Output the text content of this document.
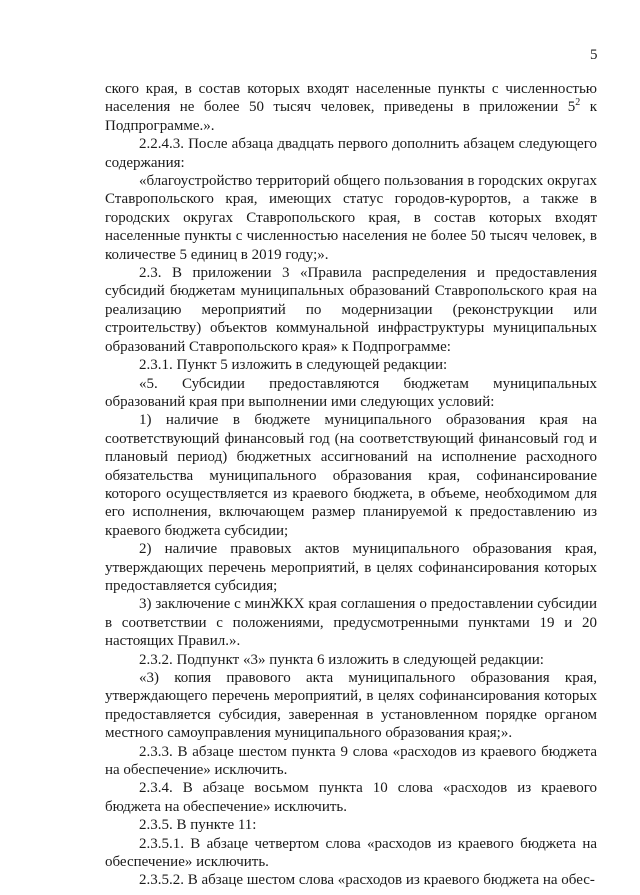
5

ского края, в состав которых входят населенные пункты с численностью населения не более 50 тысяч человек, приведены в приложении $5^2$ к Подпрограмме.».

2.2.4.3. После абзаца двадцать первого дополнить абзацем следующего содержания:

«благоустройство территорий общего пользования в городских округах Ставропольского края, имеющих статус городов-курортов, а также в городских округах Ставропольского края, в состав которых входят населенные пункты с численностью населения не более 50 тысяч человек, в количестве 5 единиц в 2019 году;».

2.3. В приложении 3 «Правила распределения и предоставления субсидий бюджетам муниципальных образований Ставропольского края на реализацию мероприятий по модернизации (реконструкции или строительству) объектов коммунальной инфраструктуры муниципальных образований Ставропольского края» к Подпрограмме:

2.3.1. Пункт 5 изложить в следующей редакции:

«5. Субсидии предоставляются бюджетам муниципальных образований края при выполнении ими следующих условий:

1) наличие в бюджете муниципального образования края на соответствующий финансовый год (на соответствующий финансовый год и плановый период) бюджетных ассигнований на исполнение расходного обязательства муниципального образования края, софинансирование которого осуществляется из краевого бюджета, в объеме, необходимом для его исполнения, включающем размер планируемой к предоставлению из краевого бюджета субсидии;

2) наличие правовых актов муниципального образования края, утверждающих перечень мероприятий, в целях софинансирования которых предоставляется субсидия;

3) заключение с минЖКХ края соглашения о предоставлении субсидии в соответствии с положениями, предусмотренными пунктами 19 и 20 настоящих Правил.».

2.3.2. Подпункт «3» пункта 6 изложить в следующей редакции:

«3) копия правового акта муниципального образования края, утверждающего перечень мероприятий, в целях софинансирования которых предоставляется субсидия, заверенная в установленном порядке органом местного самоуправления муниципального образования края;».

2.3.3. В абзаце шестом пункта 9 слова «расходов из краевого бюджета на обеспечение» исключить.

2.3.4. В абзаце восьмом пункта 10 слова «расходов из краевого бюджета на обеспечение» исключить.

2.3.5. В пункте 11:

2.3.5.1. В абзаце четвертом слова «расходов из краевого бюджета на обеспечение» исключить.

2.3.5.2. В абзаце шестом слова «расходов из краевого бюджета на обес-
